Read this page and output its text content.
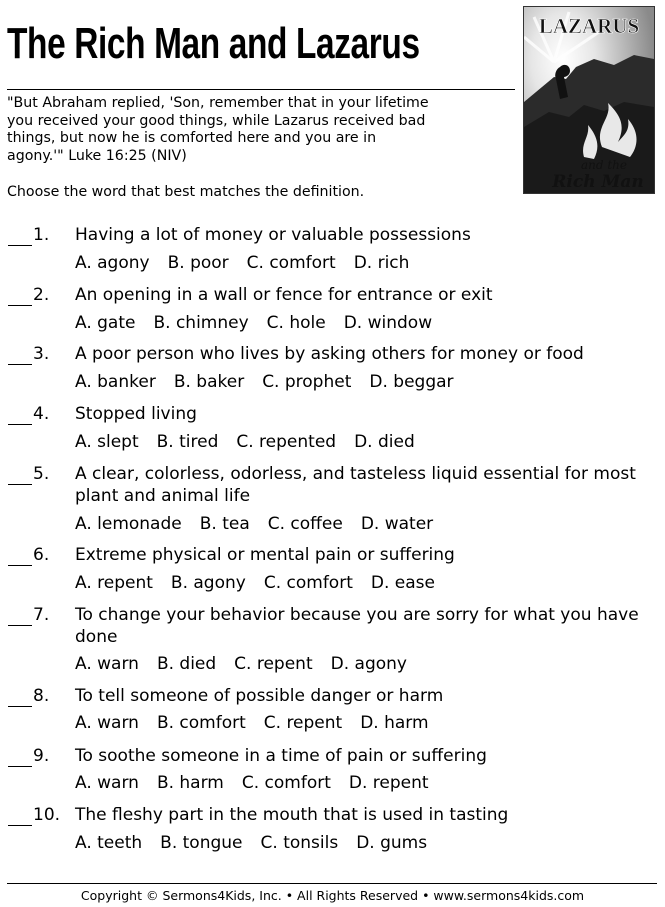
The Rich Man and Lazarus

"But Abraham replied, 'Son, remember that in your lifetime
you received your good things, while Lazarus received bad
things, but now he is comforted here and you are in
agony.'" Luke 16:25 (NIV)

Choose the word that best matches the definition.

LAZARUS
and the
Rich Man
1. Having a lot of money or valuable possessions

A. agony B. poor C. comfort D. rich
2. An opening in a wall or fence for entrance or exit

A. gate B. chimney C. hole D. window
3. A poor person who lives by asking others for money or food

A. banker B. baker C. prophet D. beggar
4. Stopped living

A. slept B. tired C. repented D. died
5. A clear, colorless, odorless, and tasteless liquid essential for most plant and animal life

A. lemonade B. tea C. coffee D. water
6. Extreme physical or mental pain or suffering

A. repent B. agony C. comfort D. ease
7. To change your behavior because you are sorry for what you have done

A. warn B. died C. repent D. agony
8. To tell someone of possible danger or harm

A. warn B. comfort C. repent D. harm
9. To soothe someone in a time of pain or suffering

A. warn B. harm C. comfort D. repent
10. The fleshy part in the mouth that is used in tasting

A. teeth B. tongue C. tonsils D. gums

Copyright © Sermons4Kids, Inc. • All Rights Reserved • www.sermons4kids.com
